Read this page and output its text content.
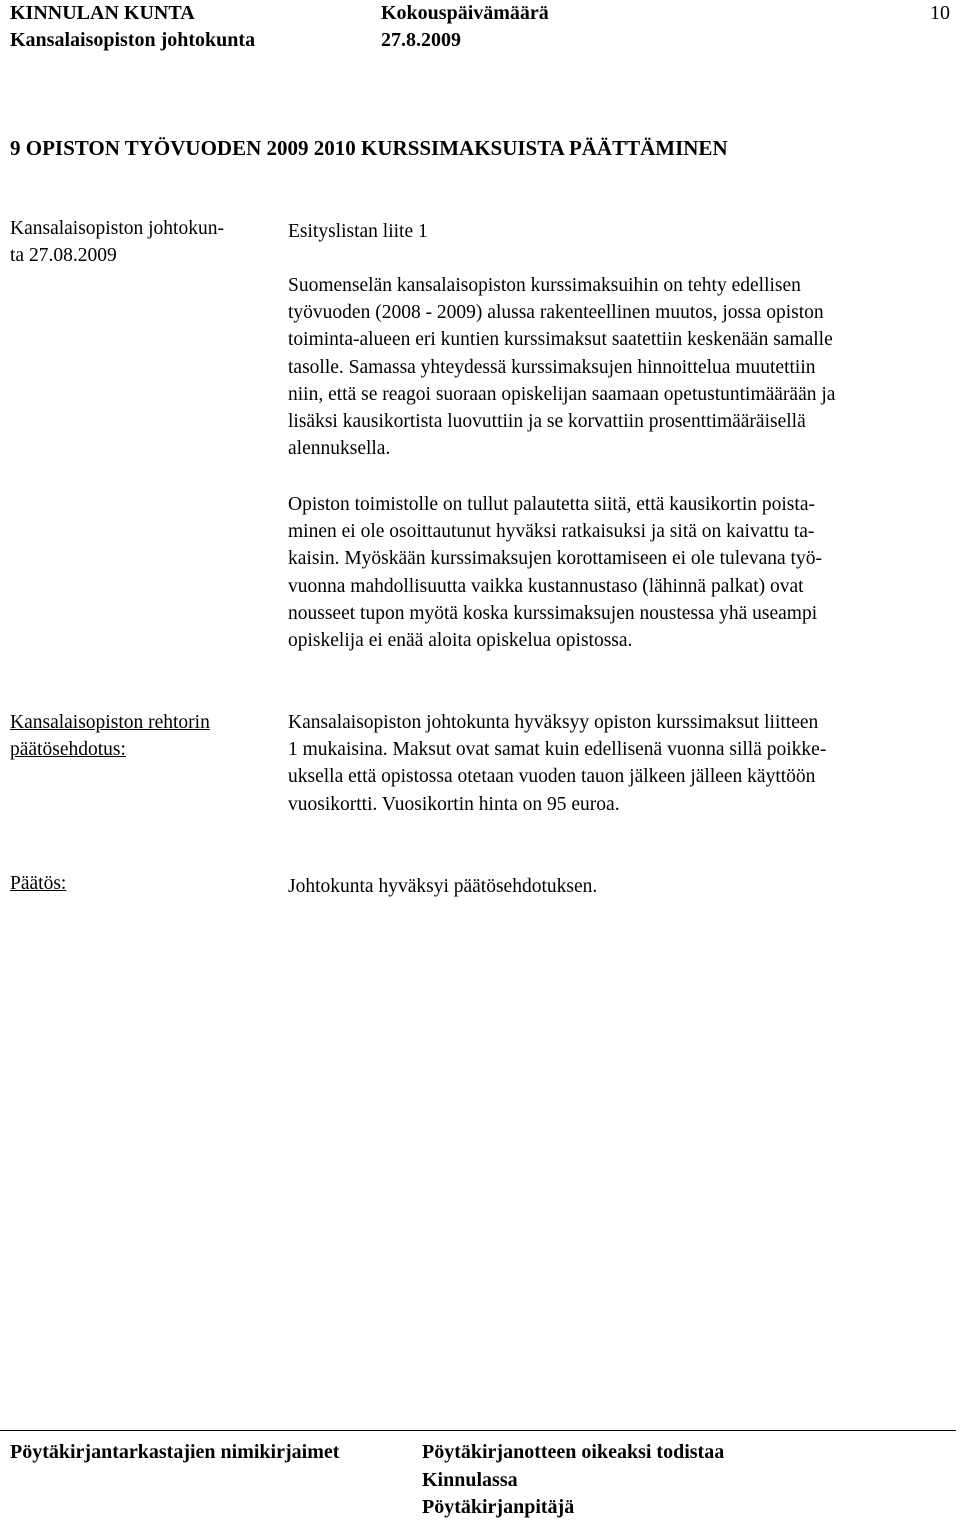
KINNULAN KUNTA	Kokouspäivämäärä	10
Kansalaisopiston johtokunta	27.8.2009
9 OPISTON TYÖVUODEN 2009 2010 KURSSIMAKSUISTA PÄÄTTÄMINEN
Kansalaisopiston johtokun-
ta 27.08.2009
Esityslistan liite 1
Suomenselän kansalaisopiston kurssimaksuihin on tehty edellisen
työvuoden (2008 - 2009) alussa rakenteellinen muutos, jossa opiston
toiminta-alueen eri kuntien kurssimaksut saatettiin keskenään samalle
tasolle. Samassa yhteydessä kurssimaksujen hinnoittelua muutettiin
niin, että se reagoi suoraan opiskelijan saamaan opetustuntimäärään ja
lisäksi kausikortista luovuttiin ja se korvattiin prosenttimääräisellä
alennuksella.
Opiston toimistolle on tullut palautetta siitä, että kausikortin poista-
minen ei ole osoittautunut hyväksi ratkaisuksi ja sitä on kaivattu ta-
kaisin. Myöskään kurssimaksujen korottamiseen ei ole tulevana työ-
vuonna mahdollisuutta vaikka kustannustaso (lähinnä palkat) ovat
nousseet tupon myötä koska kurssimaksujen noustessa yhä useampi
opiskelija ei enää aloita opiskelua opistossa.
Kansalaisopiston rehtorin
päätösehdotus:
Kansalaisopiston johtokunta hyväksyy opiston kurssimaksut liitteen
1 mukaisina. Maksut ovat samat kuin edellisenä vuonna sillä poikke-
uksella että opistossa otetaan vuoden tauon jälkeen jälleen käyttöön
vuosikortti. Vuosikortin hinta on 95 euroa.
Päätös:	Johtokunta hyväksyi päätösehdotuksen.
Pöytäkirjantarkastajien nimikirjaimet	Pöytäkirjanotteen oikeaksi todistaa
Kinnulassa
Pöytäkirjanpitäjä
